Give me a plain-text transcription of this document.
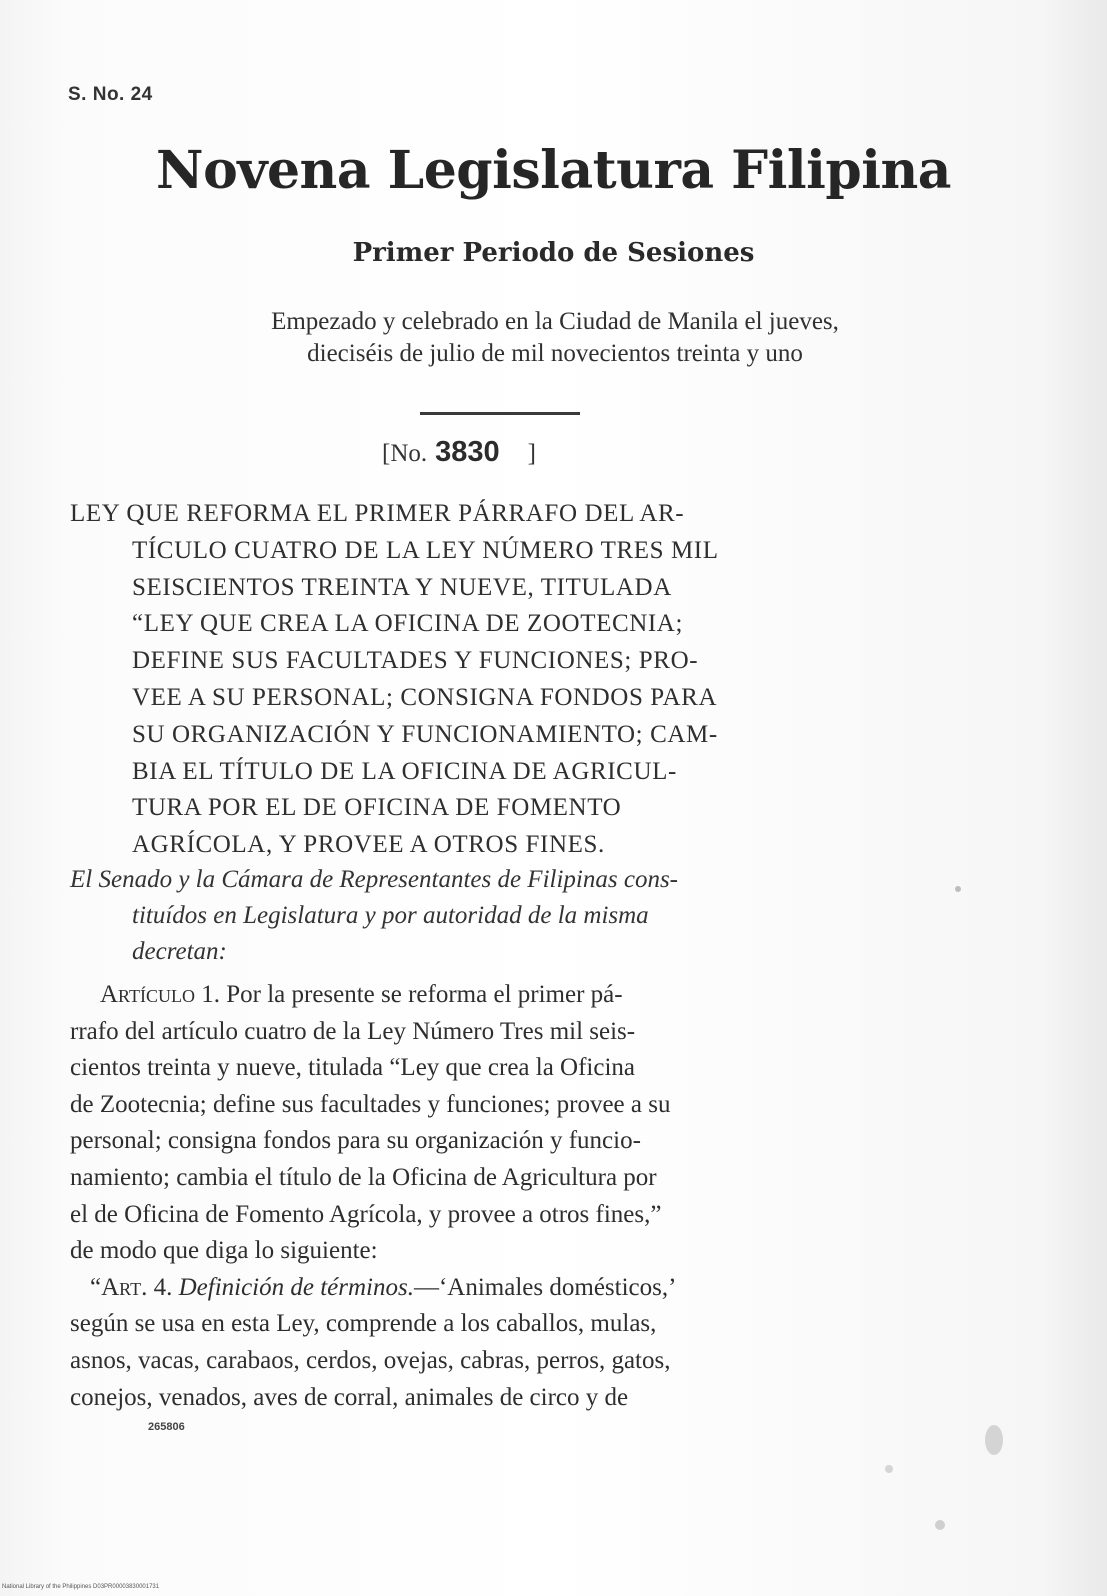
S. No. 24
Novena Legislatura Filipina
Primer Periodo de Sesiones
Empezado y celebrado en la Ciudad de Manila el jueves,
dieciséis de julio de mil novecientos treinta y uno
[No. 3830 ]
LEY QUE REFORMA EL PRIMER PÁRRAFO DEL AR-
TÍCULO CUATRO DE LA LEY NÚMERO TRES MIL
SEISCIENTOS TREINTA Y NUEVE, TITULADA
“LEY QUE CREA LA OFICINA DE ZOOTECNIA;
DEFINE SUS FACULTADES Y FUNCIONES; PRO-
VEE A SU PERSONAL; CONSIGNA FONDOS PARA
SU ORGANIZACIÓN Y FUNCIONAMIENTO; CAM-
BIA EL TÍTULO DE LA OFICINA DE AGRICUL-
TURA POR EL DE OFICINA DE FOMENTO
AGRÍCOLA, Y PROVEE A OTROS FINES.
El Senado y la Cámara de Representantes de Filipinas cons-
tituídos en Legislatura y por autoridad de la misma
decretan:
Artículo 1. Por la presente se reforma el primer pá-
rrafo del artículo cuatro de la Ley Número Tres mil seis-
cientos treinta y nueve, titulada “Ley que crea la Oficina
de Zootecnia; define sus facultades y funciones; provee a su
personal; consigna fondos para su organización y funcio-
namiento; cambia el título de la Oficina de Agricultura por
el de Oficina de Fomento Agrícola, y provee a otros fines,”
de modo que diga lo siguiente:
“Art. 4. Definición de términos.—‘Animales domésticos,’
según se usa en esta Ley, comprende a los caballos, mulas,
asnos, vacas, carabaos, cerdos, ovejas, cabras, perros, gatos,
conejos, venados, aves de corral, animales de circo y de
265806
National Library of the Philippines D03PR00003830001731
